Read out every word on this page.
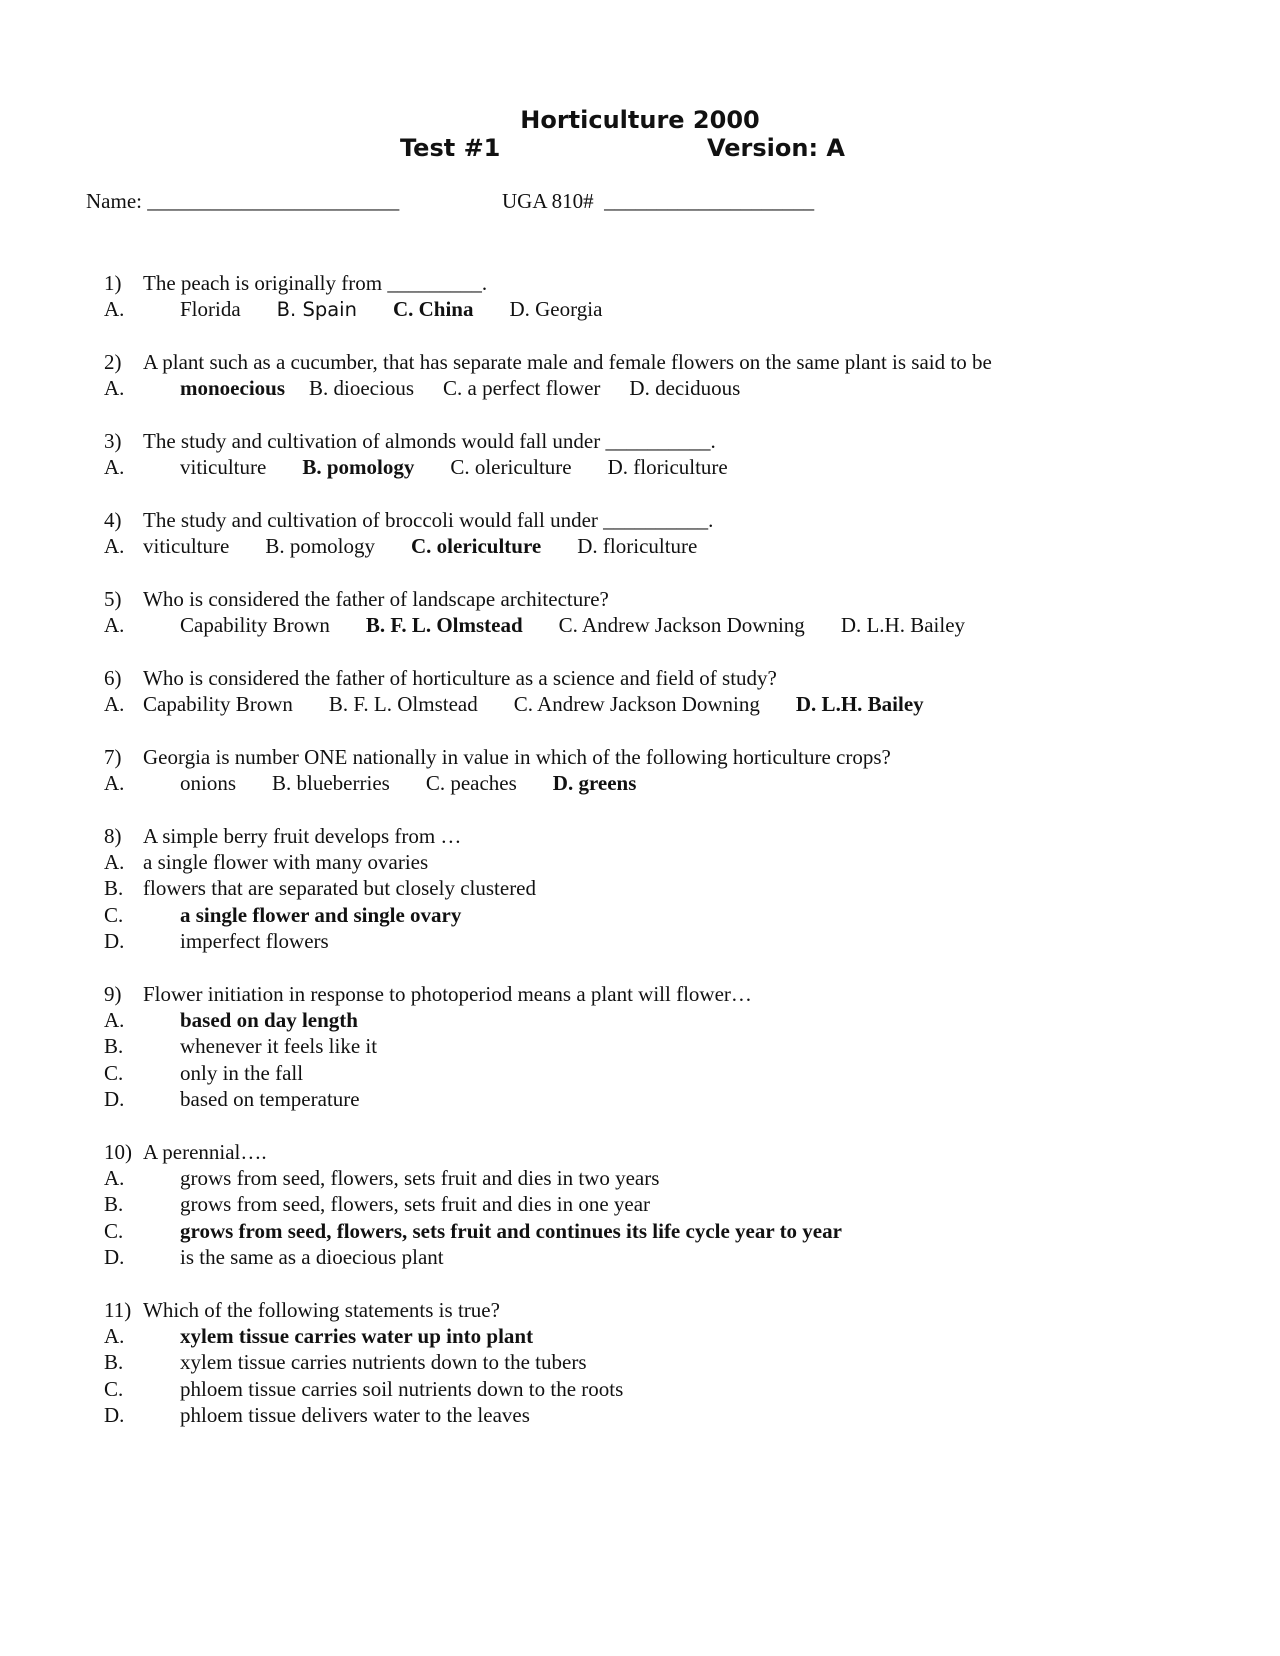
Horticulture 2000
Test #1	Version: A
Name: ________________________	UGA 810#  ____________________
1) The peach is originally from _________.
A.	Florida B. Spain C. China D. Georgia
2) A plant such as a cucumber, that has separate male and female flowers on the same plant is said to be
A.	monoecious B. dioecious C. a perfect flower D. deciduous
3) The study and cultivation of almonds would fall under __________.
A.	viticulture B. pomology C. olericulture D. floriculture
4) The study and cultivation of broccoli would fall under __________.
A. viticulture B. pomology C. olericulture D. floriculture
5) Who is considered the father of landscape architecture?
A.	Capability Brown B. F. L. Olmstead C. Andrew Jackson Downing D. L.H. Bailey
6) Who is considered the father of horticulture as a science and field of study?
A. Capability Brown B. F. L. Olmstead C. Andrew Jackson Downing D. L.H. Bailey
7) Georgia is number ONE nationally in value in which of the following horticulture crops?
A.	onions B. blueberries C. peaches D. greens
8) A simple berry fruit develops from …
A. a single flower with many ovaries
B. flowers that are separated but closely clustered
C.	a single flower and single ovary
D.	imperfect flowers
9) Flower initiation in response to photoperiod means a plant will flower…
A.	based on day length
B.	whenever it feels like it
C.	only in the fall
D.	based on temperature
10) A perennial….
A.	grows from seed, flowers, sets fruit and dies in two years
B.	grows from seed, flowers, sets fruit and dies in one year
C.	grows from seed, flowers, sets fruit and continues its life cycle year to year
D.	is the same as a dioecious plant
11) Which of the following statements is true?
A.	xylem tissue carries water up into plant
B.	xylem tissue carries nutrients down to the tubers
C.	phloem tissue carries soil nutrients down to the roots
D.	phloem tissue delivers water to the leaves
